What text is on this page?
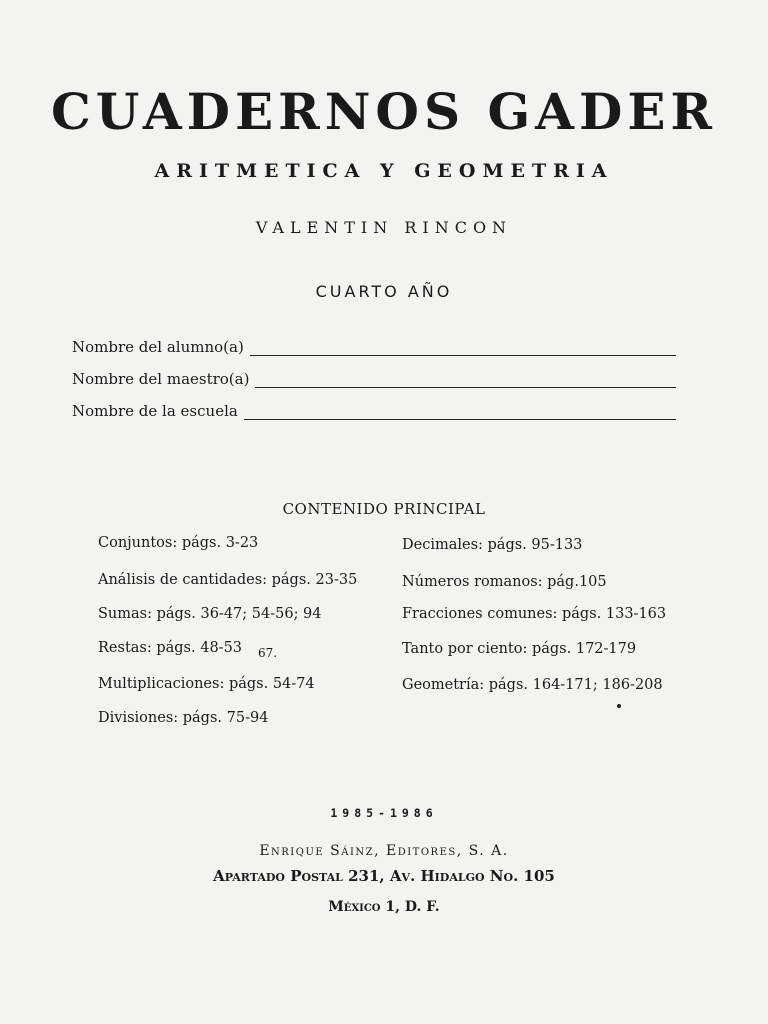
CUADERNOS GADER
ARITMETICA Y GEOMETRIA
VALENTIN RINCON
CUARTO AÑO
Nombre del alumno(a)
Nombre del maestro(a)
Nombre de la escuela
CONTENIDO PRINCIPAL
Conjuntos: págs. 3-23
Análisis de cantidades: págs. 23-35
Sumas: págs. 36-47; 54-56; 94
Restas: págs. 48-53 67.
Multiplicaciones: págs. 54-74
Divisiones: págs. 75-94
Decimales: págs. 95-133
Números romanos: pág.105
Fracciones comunes: págs. 133-163
Tanto por ciento: págs. 172-179
Geometría: págs. 164-171; 186-208
1985-1986
Enrique Sáinz, Editores, S. A.
Apartado Postal 231, Av. Hidalgo No. 105
México 1, D. F.
